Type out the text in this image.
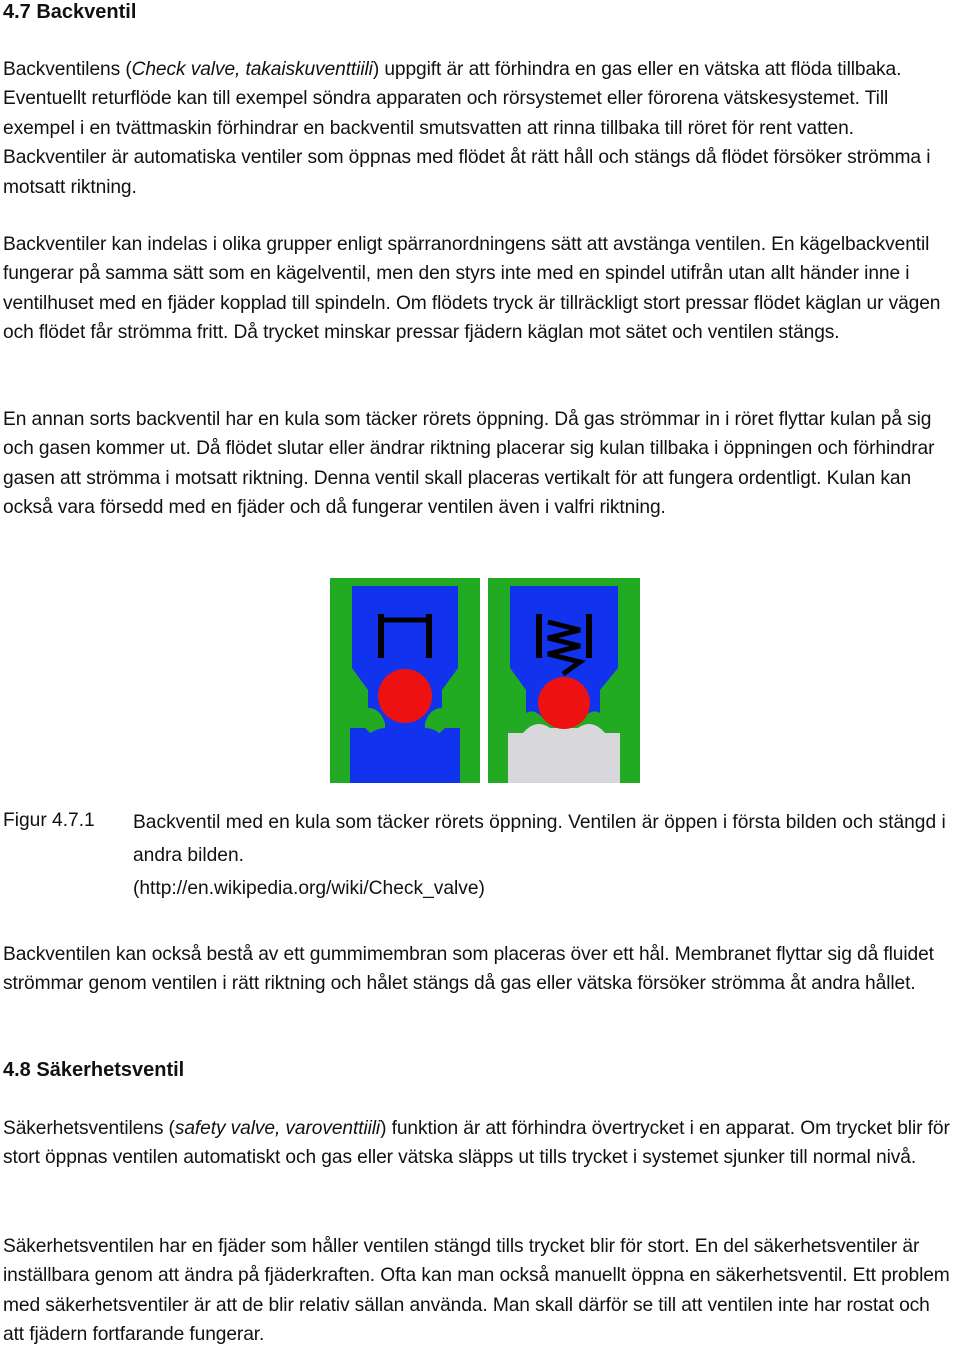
4.7 Backventil

Backventilens (Check valve, takaiskuventtiili) uppgift är att förhindra en gas eller en vätska att flöda tillbaka. Eventuellt returflöde kan till exempel söndra apparaten och rörsystemet eller förorena vätskesystemet. Till exempel i en tvättmaskin förhindrar en backventil smutsvatten att rinna tillbaka till röret för rent vatten. Backventiler är automatiska ventiler som öppnas med flödet åt rätt håll och stängs då flödet försöker strömma i motsatt riktning.

Backventiler kan indelas i olika grupper enligt spärranordningens sätt att avstänga ventilen. En kägelbackventil fungerar på samma sätt som en kägelventil, men den styrs inte med en spindel utifrån utan allt händer inne i ventilhuset med en fjäder kopplad till spindeln. Om flödets tryck är tillräckligt stort pressar flödet käglan ur vägen och flödet får strömma fritt. Då trycket minskar pressar fjädern käglan mot sätet och ventilen stängs.

En annan sorts backventil har en kula som täcker rörets öppning. Då gas strömmar in i röret flyttar kulan på sig och gasen kommer ut. Då flödet slutar eller ändrar riktning placerar sig kulan tillbaka i öppningen och förhindrar gasen att strömma i motsatt riktning. Denna ventil skall placeras vertikalt för att fungera ordentligt. Kulan kan också vara försedd med en fjäder och då fungerar ventilen även i valfri riktning.

Figur 4.7.1 Backventil med en kula som täcker rörets öppning. Ventilen är öppen i första bilden och stängd i andra bilden.
(http://en.wikipedia.org/wiki/Check_valve)

Backventilen kan också bestå av ett gummimembran som placeras över ett hål. Membranet flyttar sig då fluidet strömmar genom ventilen i rätt riktning och hålet stängs då gas eller vätska försöker strömma åt andra hållet.

4.8 Säkerhetsventil

Säkerhetsventilens (safety valve, varoventtiili) funktion är att förhindra övertrycket i en apparat. Om trycket blir för stort öppnas ventilen automatiskt och gas eller vätska släpps ut tills trycket i systemet sjunker till normal nivå.

Säkerhetsventilen har en fjäder som håller ventilen stängd tills trycket blir för stort. En del säkerhetsventiler är inställbara genom att ändra på fjäderkraften. Ofta kan man också manuellt öppna en säkerhetsventil. Ett problem med säkerhetsventiler är att de blir relativ sällan använda. Man skall därför se till att ventilen inte har rostat och att fjädern fortfarande fungerar.
